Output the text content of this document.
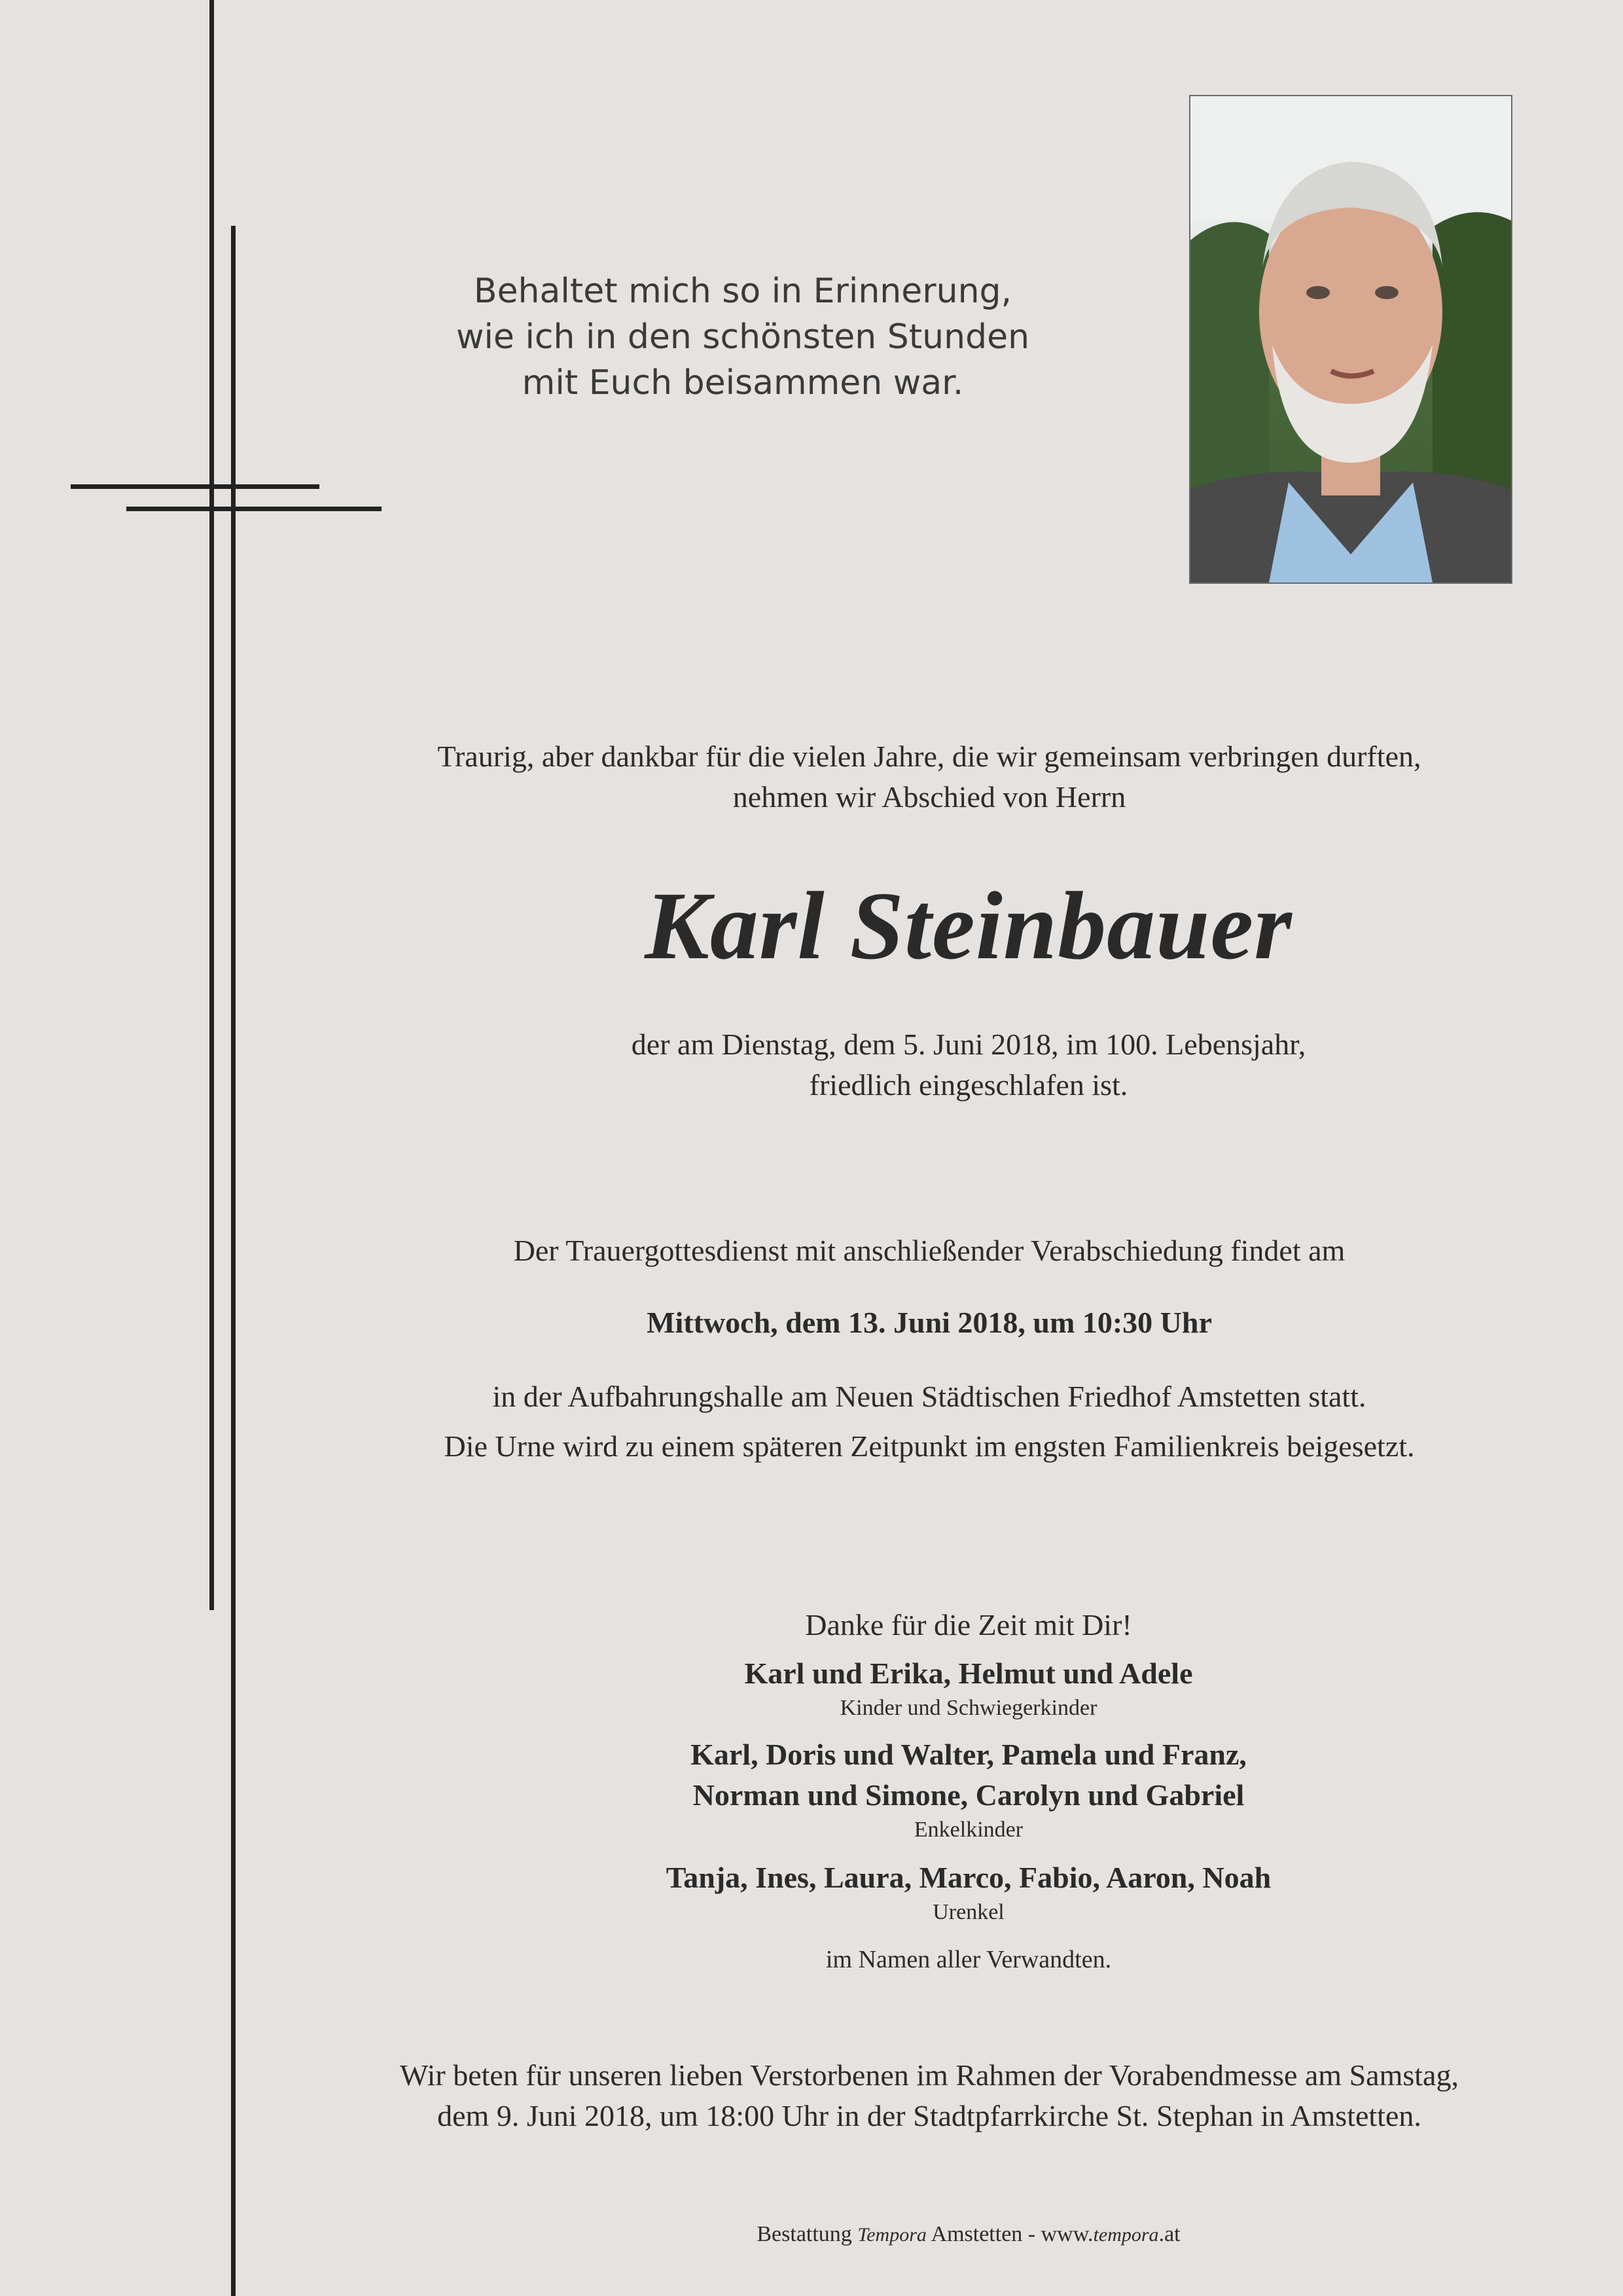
Behaltet mich so in Erinnerung,
wie ich in den schönsten Stunden
mit Euch beisammen war.
Traurig, aber dankbar für die vielen Jahre, die wir gemeinsam verbringen durften,
nehmen wir Abschied von Herrn
Karl Steinbauer
der am Dienstag, dem 5. Juni 2018, im 100. Lebensjahr,
friedlich eingeschlafen ist.
Der Trauergottesdienst mit anschließender Verabschiedung findet am
Mittwoch, dem 13. Juni 2018, um 10:30 Uhr
in der Aufbahrungshalle am Neuen Städtischen Friedhof Amstetten statt.
Die Urne wird zu einem späteren Zeitpunkt im engsten Familienkreis beigesetzt.
Danke für die Zeit mit Dir!
Karl und Erika, Helmut und Adele
Kinder und Schwiegerkinder
Karl, Doris und Walter, Pamela und Franz,
Norman und Simone, Carolyn und Gabriel
Enkelkinder
Tanja, Ines, Laura, Marco, Fabio, Aaron, Noah
Urenkel
im Namen aller Verwandten.
Wir beten für unseren lieben Verstorbenen im Rahmen der Vorabendmesse am Samstag,
dem 9. Juni 2018, um 18:00 Uhr in der Stadtpfarrkirche St. Stephan in Amstetten.
Bestattung Tempora Amstetten - www.tempora.at
